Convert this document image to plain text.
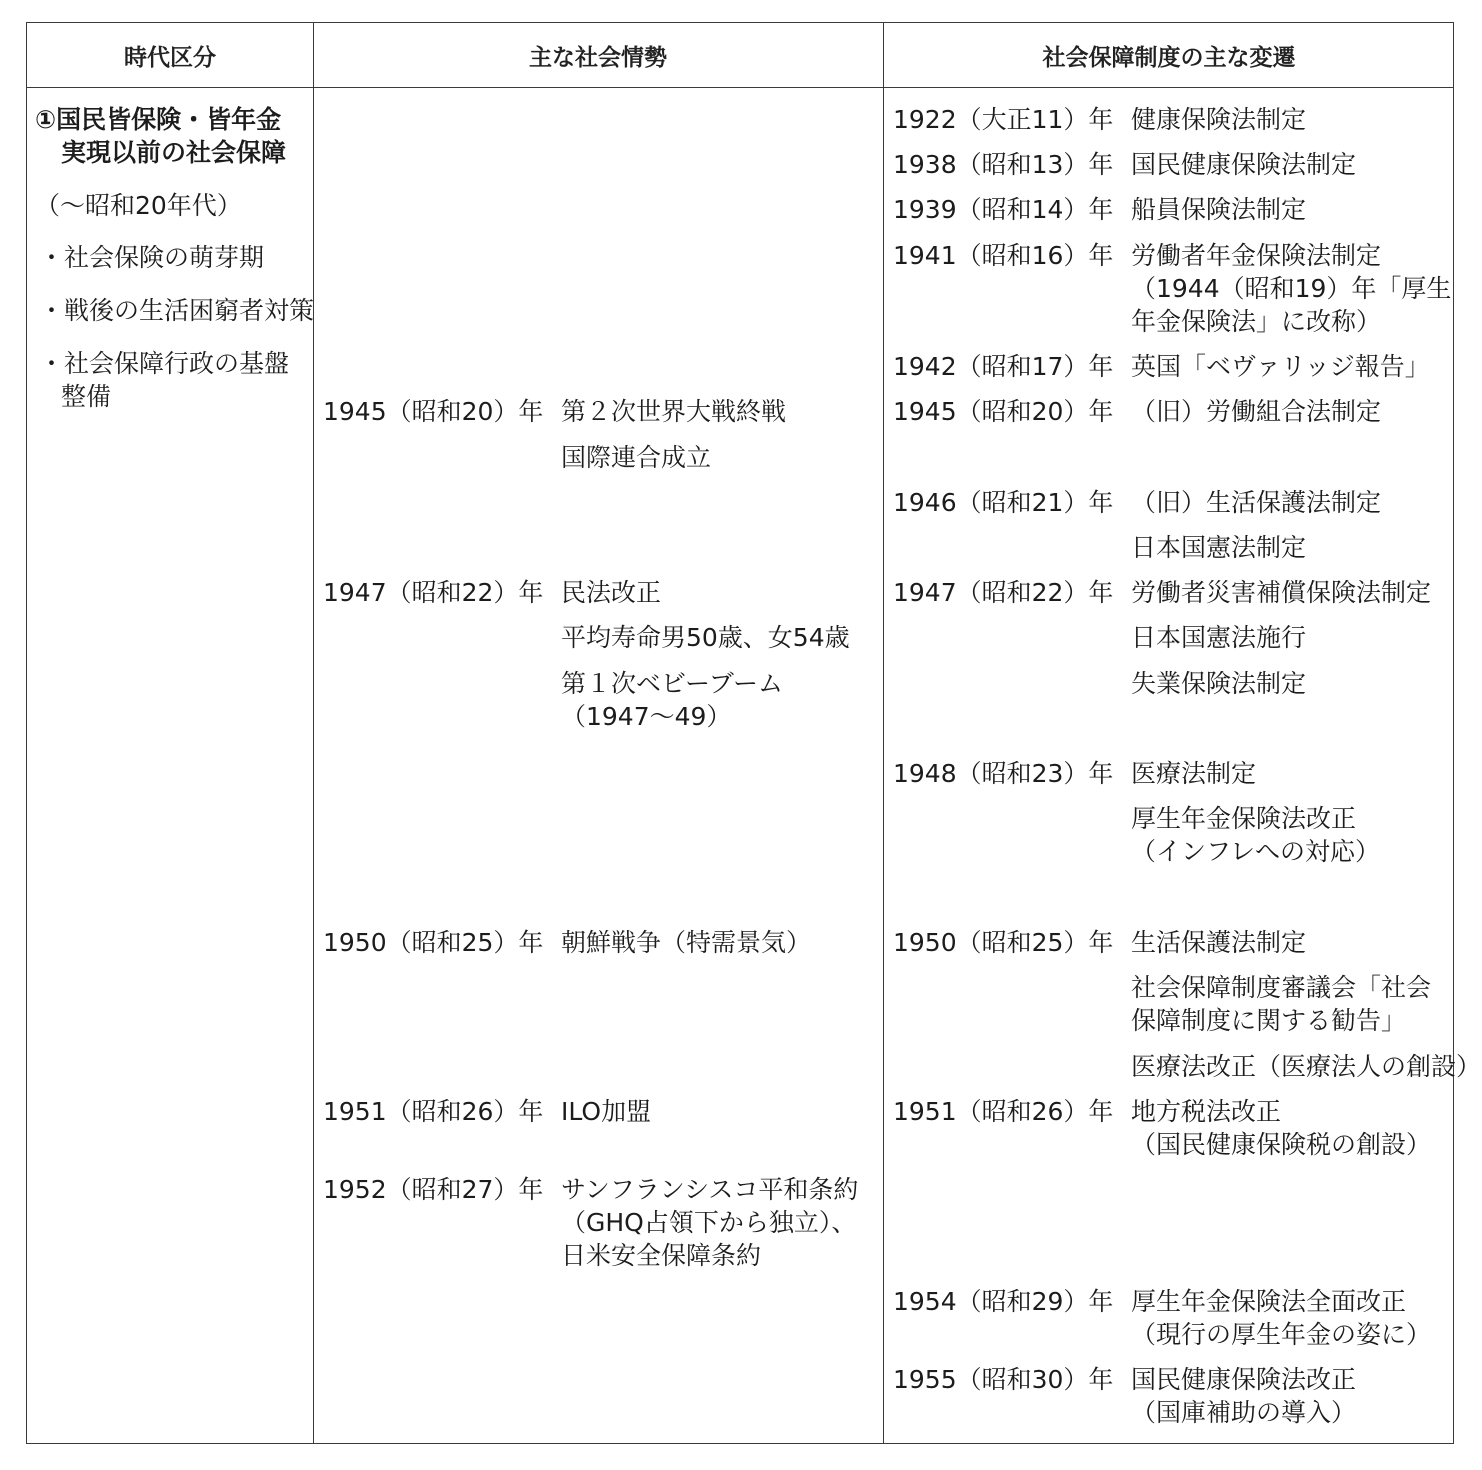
時代区分	主な社会情勢	社会保障制度の主な変遷
①国民皆保険・皆年金
実現以前の社会保障
（～昭和20年代）
・社会保険の萌芽期
・戦後の生活困窮者対策
・社会保障行政の基盤
整備
1945（昭和20）年 第２次世界大戦終戦
国際連合成立
1947（昭和22）年 民法改正
平均寿命男50歳、女54歳
第１次ベビーブーム
（1947～49）
1950（昭和25）年 朝鮮戦争（特需景気）
1951（昭和26）年 ILO加盟
1952（昭和27）年 サンフランシスコ平和条約
（GHQ占領下から独立）、
日米安全保障条約
1922（大正11）年 健康保険法制定
1938（昭和13）年 国民健康保険法制定
1939（昭和14）年 船員保険法制定
1941（昭和16）年 労働者年金保険法制定
（1944（昭和19）年「厚生
年金保険法」に改称）
1942（昭和17）年 英国「ベヴァリッジ報告」
1945（昭和20）年 （旧）労働組合法制定
1946（昭和21）年 （旧）生活保護法制定
日本国憲法制定
1947（昭和22）年 労働者災害補償保険法制定
日本国憲法施行
失業保険法制定
1948（昭和23）年 医療法制定
厚生年金保険法改正
（インフレへの対応）
1950（昭和25）年 生活保護法制定
社会保障制度審議会「社会
保障制度に関する勧告」
医療法改正（医療法人の創設）
1951（昭和26）年 地方税法改正
（国民健康保険税の創設）
1954（昭和29）年 厚生年金保険法全面改正
（現行の厚生年金の姿に）
1955（昭和30）年 国民健康保険法改正
（国庫補助の導入）
